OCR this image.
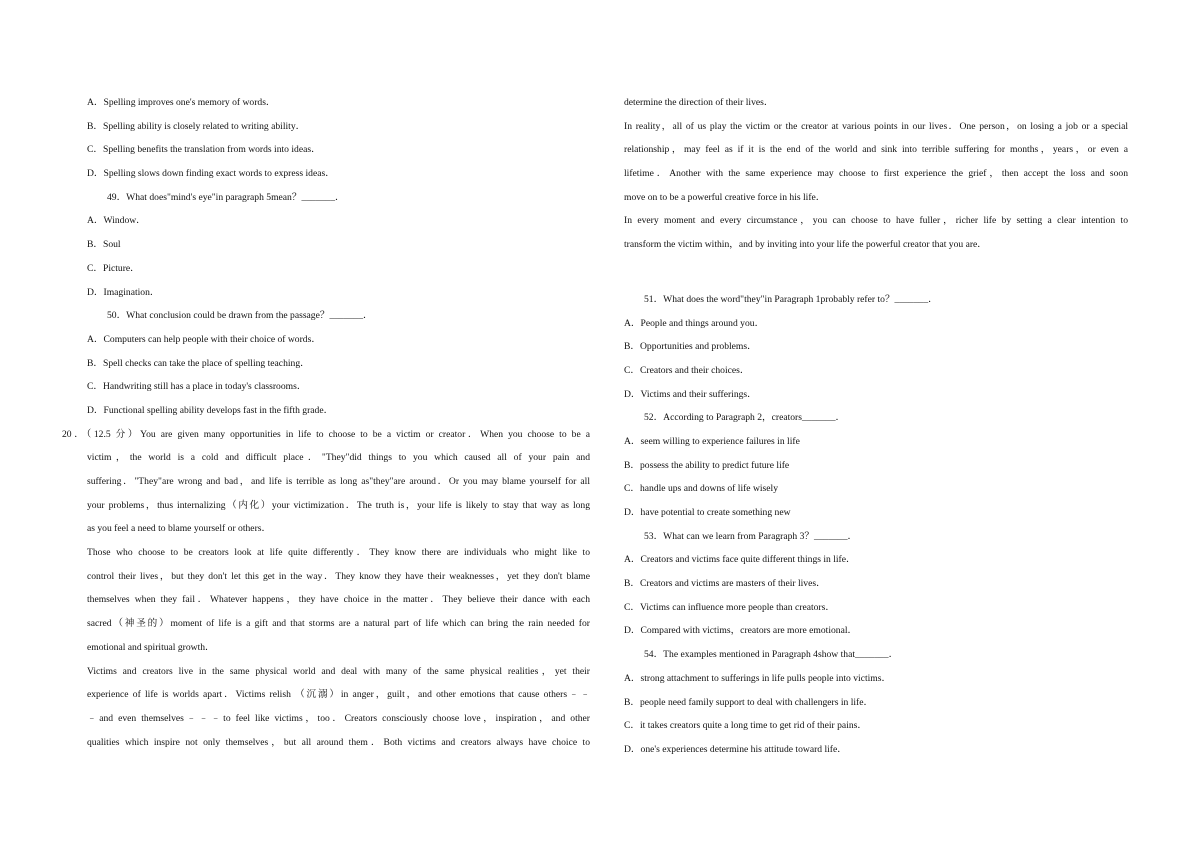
A．Spelling improves one's memory of words．
B．Spelling ability is closely related to writing ability．
C．Spelling benefits the translation from words into ideas．
D．Spelling slows down finding exact words to express ideas．
49．What does"mind's eye"in paragraph 5mean？_______．
A．Window．
B．Soul
C．Picture．
D．Imagination．
50．What conclusion could be drawn from the passage？_______．
A．Computers can help people with their choice of words．
B．Spell checks can take the place of spelling teaching．
C．Handwriting still has a place in today's classrooms．
D．Functional spelling ability develops fast in the fifth grade．
20．（12.5 分）You are given many opportunities in life to choose to be a victim or creator．When you choose to be a
victim，the world is a cold and difficult place．"They"did things to you which caused all of your pain and
suffering．"They"are wrong and bad，and life is terrible as long as"they"are around．Or you may blame yourself for all
your problems，thus internalizing（内化）your victimization．The truth is，your life is likely to stay that way as long
as you feel a need to blame yourself or others．
Those who choose to be creators look at life quite differently．They know there are individuals who might like to
control their lives，but they don't let this get in the way．They know they have their weaknesses，yet they don't blame
themselves when they fail．Whatever happens，they have choice in the matter．They believe their dance with each
sacred（神圣的）moment of life is a gift and that storms are a natural part of life which can bring the rain needed for
emotional and spiritual growth．
Victims and creators live in the same physical world and deal with many of the same physical realities，yet their
experience of life is worlds apart．Victims relish （沉溺）in anger，guilt，and other emotions that cause others﹣﹣
﹣and even themselves﹣﹣﹣to feel like victims，too．Creators consciously choose love，inspiration，and other
qualities which inspire not only themselves，but all around them．Both victims and creators always have choice to
determine the direction of their lives．
In reality，all of us play the victim or the creator at various points in our lives．One person，on losing a job or a special
relationship，may feel as if it is the end of the world and sink into terrible suffering for months，years，or even a
lifetime．Another with the same experience may choose to first experience the grief，then accept the loss and soon
move on to be a powerful creative force in his life．
In every moment and every circumstance，you can choose to have fuller，richer life by setting a clear intention to
transform the victim within，and by inviting into your life the powerful creator that you are．
51．What does the word"they"in Paragraph 1probably refer to？_______．
A．People and things around you．
B．Opportunities and problems．
C．Creators and their choices．
D．Victims and their sufferings．
52．According to Paragraph 2，creators_______．
A．seem willing to experience failures in life
B．possess the ability to predict future life
C．handle ups and downs of life wisely
D．have potential to create something new
53．What can we learn from Paragraph 3？_______．
A．Creators and victims face quite different things in life．
B．Creators and victims are masters of their lives．
C．Victims can influence more people than creators．
D．Compared with victims，creators are more emotional．
54．The examples mentioned in Paragraph 4show that_______．
A．strong attachment to sufferings in life pulls people into victims．
B．people need family support to deal with challengers in life．
C．it takes creators quite a long time to get rid of their pains．
D．one's experiences determine his attitude toward life．
